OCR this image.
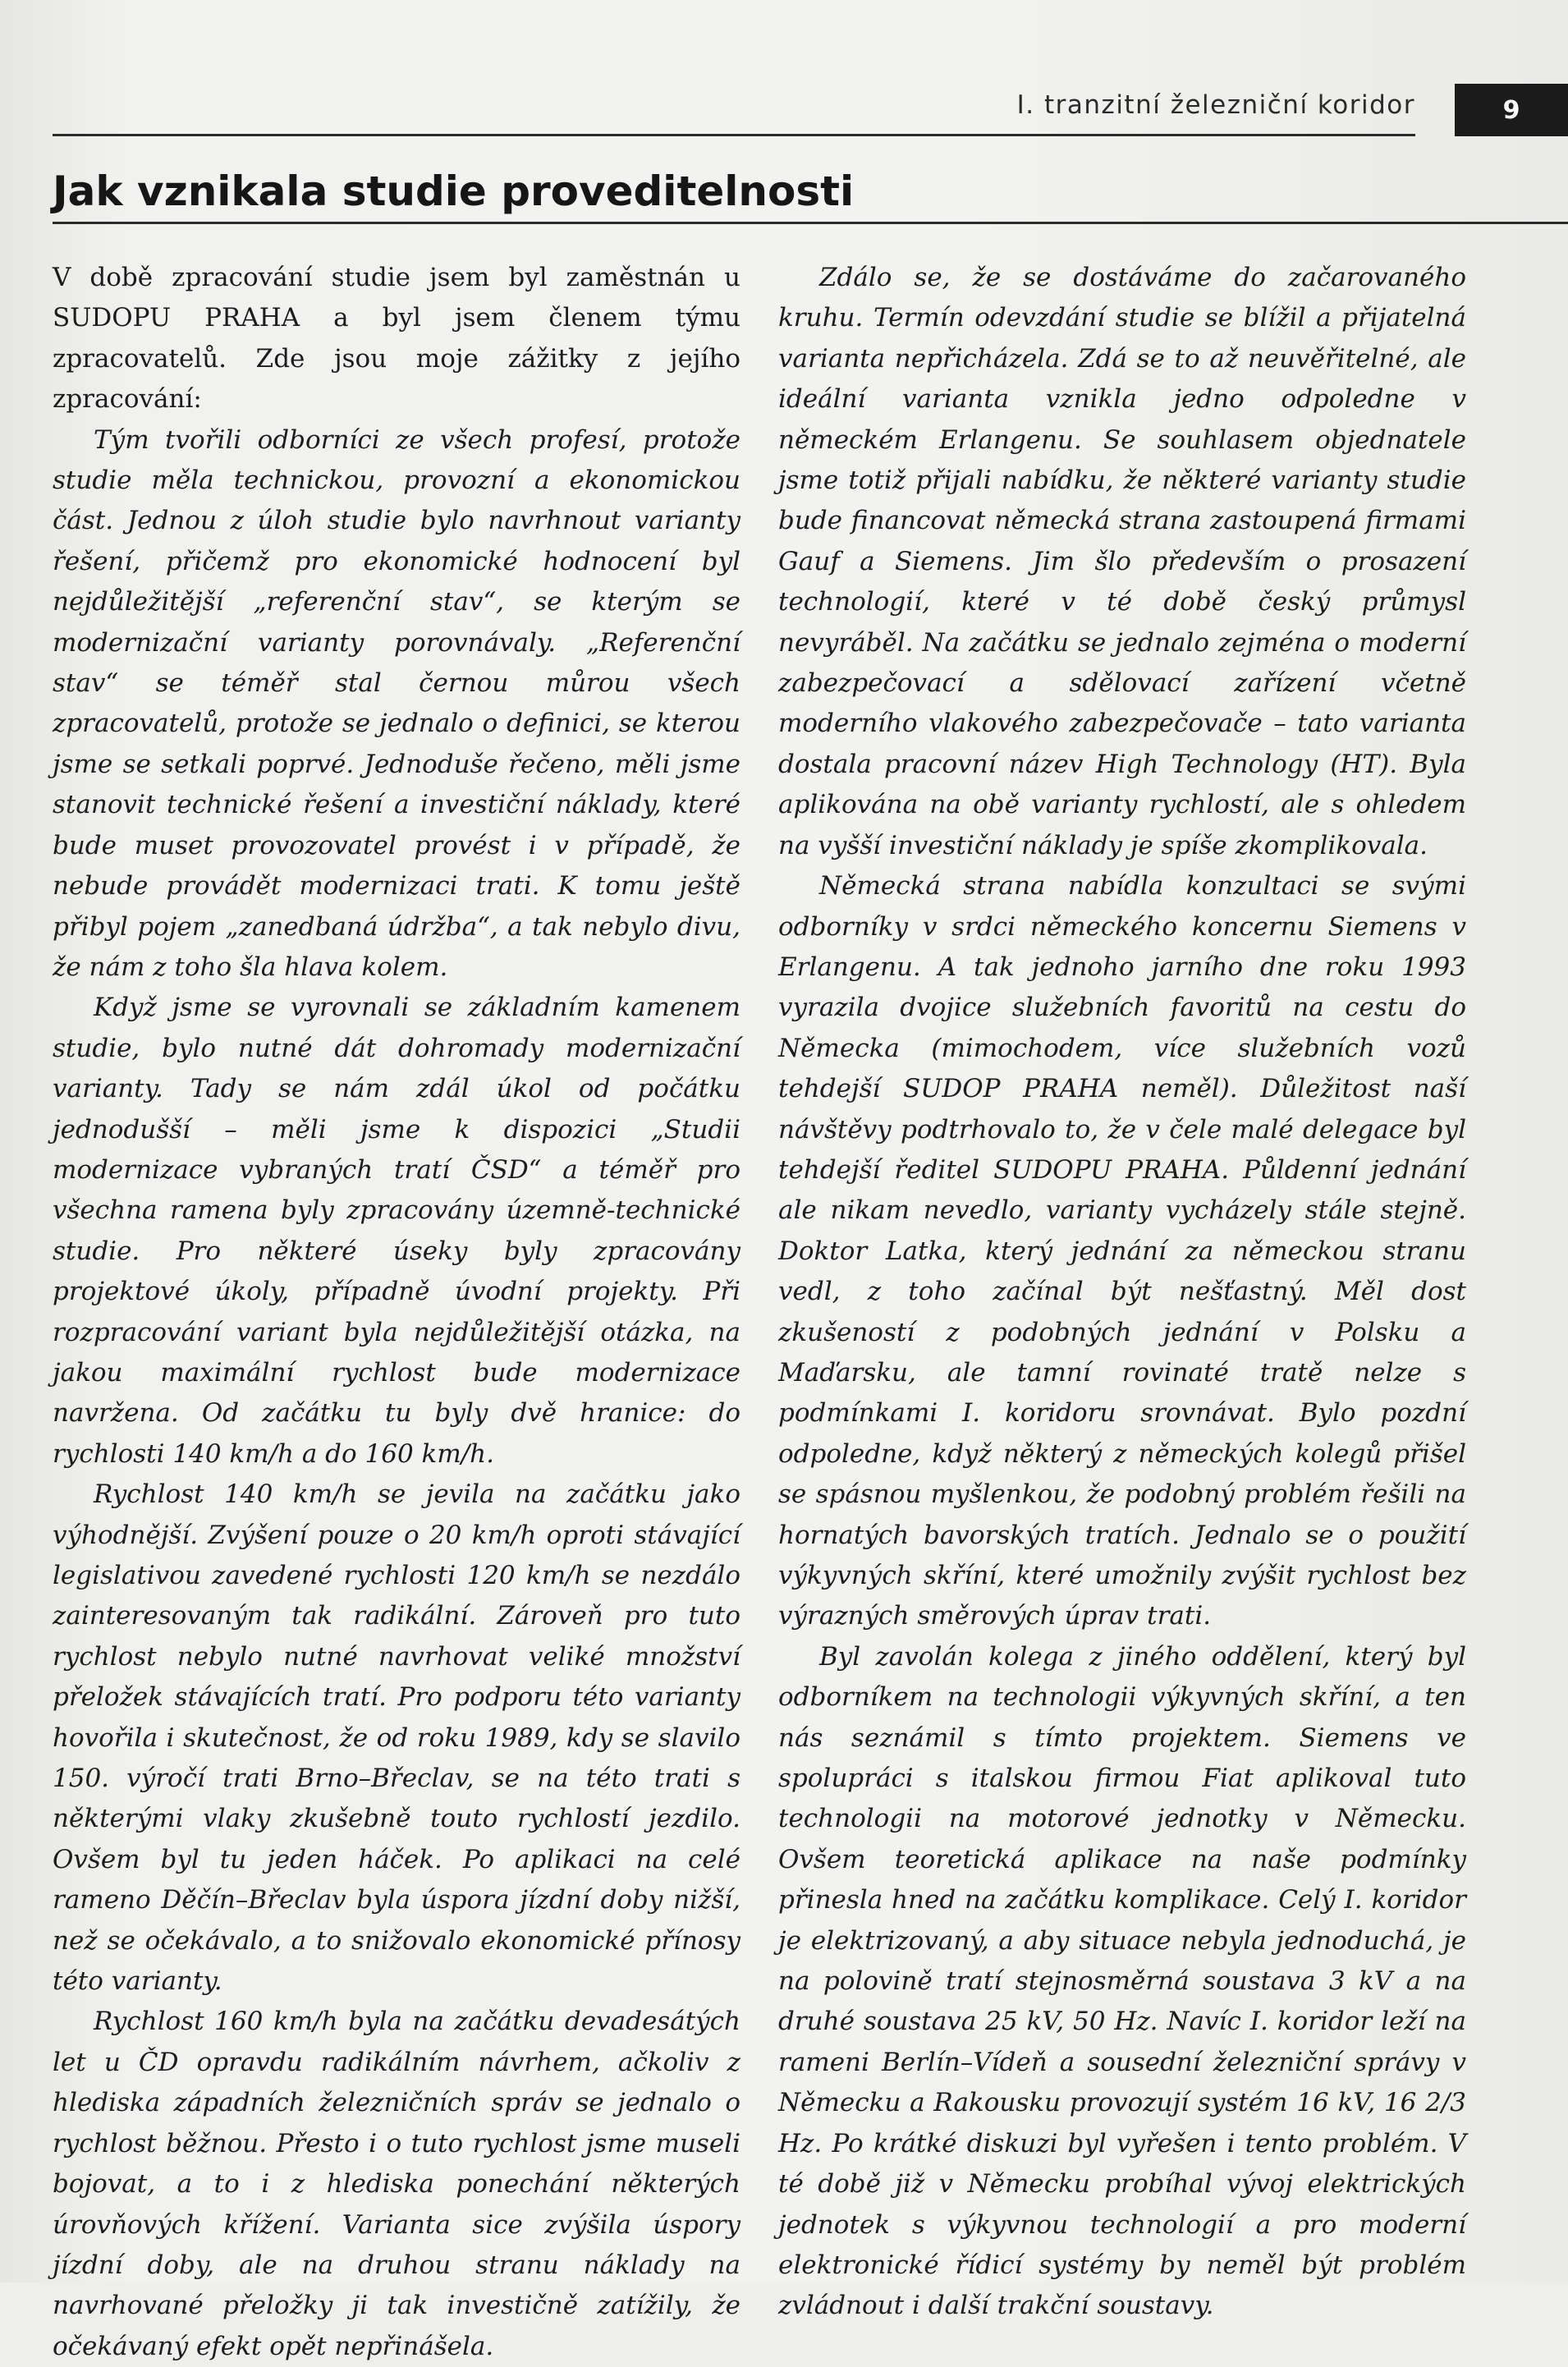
I. tranzitní železniční koridor	9
Jak vznikala studie proveditelnosti

V době zpracování studie jsem byl zaměstnán u SUDOPU PRAHA a byl jsem členem týmu zpracovatelů. Zde jsou moje zážitky z jejího zpracování:

Tým tvořili odborníci ze všech profesí, protože studie měla technickou, provozní a ekonomickou část. Jednou z úloh studie bylo navrhnout varianty řešení, přičemž pro ekonomické hodnocení byl nejdůležitější „referenční stav“, se kterým se modernizační varianty porovnávaly. „Referenční stav“ se téměř stal černou můrou všech zpracovatelů, protože se jednalo o definici, se kterou jsme se setkali poprvé. Jednoduše řečeno, měli jsme stanovit technické řešení a investiční náklady, které bude muset provozovatel provést i v případě, že nebude provádět modernizaci trati. K tomu ještě přibyl pojem „zanedbaná údržba“, a tak nebylo divu, že nám z toho šla hlava kolem.

Když jsme se vyrovnali se základním kamenem studie, bylo nutné dát dohromady modernizační varianty. Tady se nám zdál úkol od počátku jednodušší – měli jsme k dispozici „Studii modernizace vybraných tratí ČSD“ a téměř pro všechna ramena byly zpracovány územně-technické studie. Pro některé úseky byly zpracovány projektové úkoly, případně úvodní projekty. Při rozpracování variant byla nejdůležitější otázka, na jakou maximální rychlost bude modernizace navržena. Od začátku tu byly dvě hranice: do rychlosti 140 km/h a do 160 km/h.

Rychlost 140 km/h se jevila na začátku jako výhodnější. Zvýšení pouze o 20 km/h oproti stávající legislativou zavedené rychlosti 120 km/h se nezdálo zainteresovaným tak radikální. Zároveň pro tuto rychlost nebylo nutné navrhovat veliké množství přeložek stávajících tratí. Pro podporu této varianty hovořila i skutečnost, že od roku 1989, kdy se slavilo 150. výročí trati Brno–Břeclav, se na této trati s některými vlaky zkušebně touto rychlostí jezdilo. Ovšem byl tu jeden háček. Po aplikaci na celé rameno Děčín–Břeclav byla úspora jízdní doby nižší, než se očekávalo, a to snižovalo ekonomické přínosy této varianty.

Rychlost 160 km/h byla na začátku devadesátých let u ČD opravdu radikálním návrhem, ačkoliv z hlediska západních železničních správ se jednalo o rychlost běžnou. Přesto i o tuto rychlost jsme museli bojovat, a to i z hlediska ponechání některých úrovňových křížení. Varianta sice zvýšila úspory jízdní doby, ale na druhou stranu náklady na navrhované přeložky ji tak investičně zatížily, že očekávaný efekt opět nepřinášela.

Zdálo se, že se dostáváme do začarovaného kruhu. Termín odevzdání studie se blížil a přijatelná varianta nepřicházela. Zdá se to až neuvěřitelné, ale ideální varianta vznikla jedno odpoledne v německém Erlangenu. Se souhlasem objednatele jsme totiž přijali nabídku, že některé varianty studie bude financovat německá strana zastoupená firmami Gauf a Siemens. Jim šlo především o prosazení technologií, které v té době český průmysl nevyráběl. Na začátku se jednalo zejména o moderní zabezpečovací a sdělovací zařízení včetně moderního vlakového zabezpečovače – tato varianta dostala pracovní název High Technology (HT). Byla aplikována na obě varianty rychlostí, ale s ohledem na vyšší investiční náklady je spíše zkomplikovala.

Německá strana nabídla konzultaci se svými odborníky v srdci německého koncernu Siemens v Erlangenu. A tak jednoho jarního dne roku 1993 vyrazila dvojice služebních favoritů na cestu do Německa (mimochodem, více služebních vozů tehdejší SUDOP PRAHA neměl). Důležitost naší návštěvy podtrhovalo to, že v čele malé delegace byl tehdejší ředitel SUDOPU PRAHA. Půldenní jednání ale nikam nevedlo, varianty vycházely stále stejně. Doktor Latka, který jednání za německou stranu vedl, z toho začínal být nešťastný. Měl dost zkušeností z podobných jednání v Polsku a Maďarsku, ale tamní rovinaté tratě nelze s podmínkami I. koridoru srovnávat. Bylo pozdní odpoledne, když některý z německých kolegů přišel se spásnou myšlenkou, že podobný problém řešili na hornatých bavorských tratích. Jednalo se o použití výkyvných skříní, které umožnily zvýšit rychlost bez výrazných směrových úprav trati.

Byl zavolán kolega z jiného oddělení, který byl odborníkem na technologii výkyvných skříní, a ten nás seznámil s tímto projektem. Siemens ve spolupráci s italskou firmou Fiat aplikoval tuto technologii na motorové jednotky v Německu. Ovšem teoretická aplikace na naše podmínky přinesla hned na začátku komplikace. Celý I. koridor je elektrizovaný, a aby situace nebyla jednoduchá, je na polovině tratí stejnosměrná soustava 3 kV a na druhé soustava 25 kV, 50 Hz. Navíc I. koridor leží na rameni Berlín–Vídeň a sousední železniční správy v Německu a Rakousku provozují systém 16 kV, 16 2/3 Hz. Po krátké diskuzi byl vyřešen i tento problém. V té době již v Německu probíhal vývoj elektrických jednotek s výkyvnou technologií a pro moderní elektronické řídicí systémy by neměl být problém zvládnout i další trakční soustavy.
